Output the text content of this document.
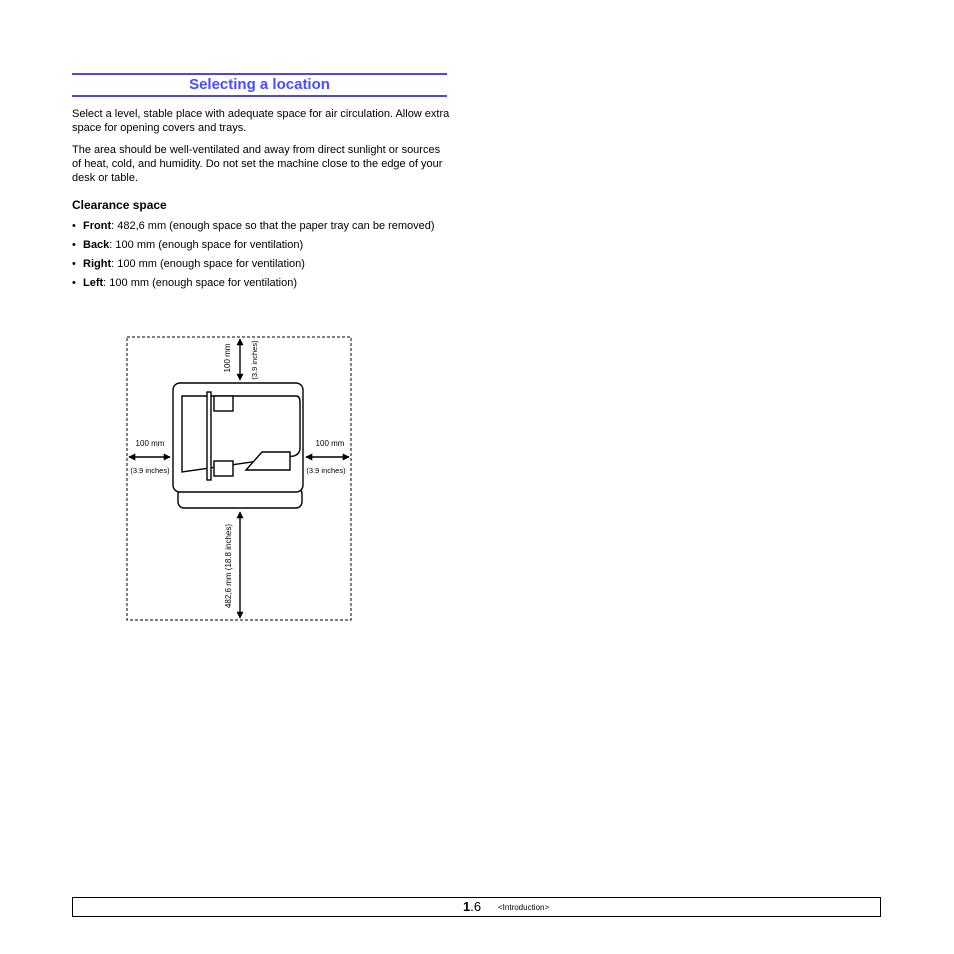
Selecting a location

Select a level, stable place with adequate space for air circulation. Allow extra space for opening covers and trays.

The area should be well-ventilated and away from direct sunlight or sources of heat, cold, and humidity. Do not set the machine close to the edge of your desk or table.

Clearance space
• Front: 482,6 mm (enough space so that the paper tray can be removed)
• Back: 100 mm (enough space for ventilation)
• Right: 100 mm (enough space for ventilation)
• Left: 100 mm (enough space for ventilation)
100 mm (3.9 inches)
100 mm
(3.9 inches)
100 mm
(3.9 inches)
482,6 mm (18.8 inches)
1.6 <Introduction>
